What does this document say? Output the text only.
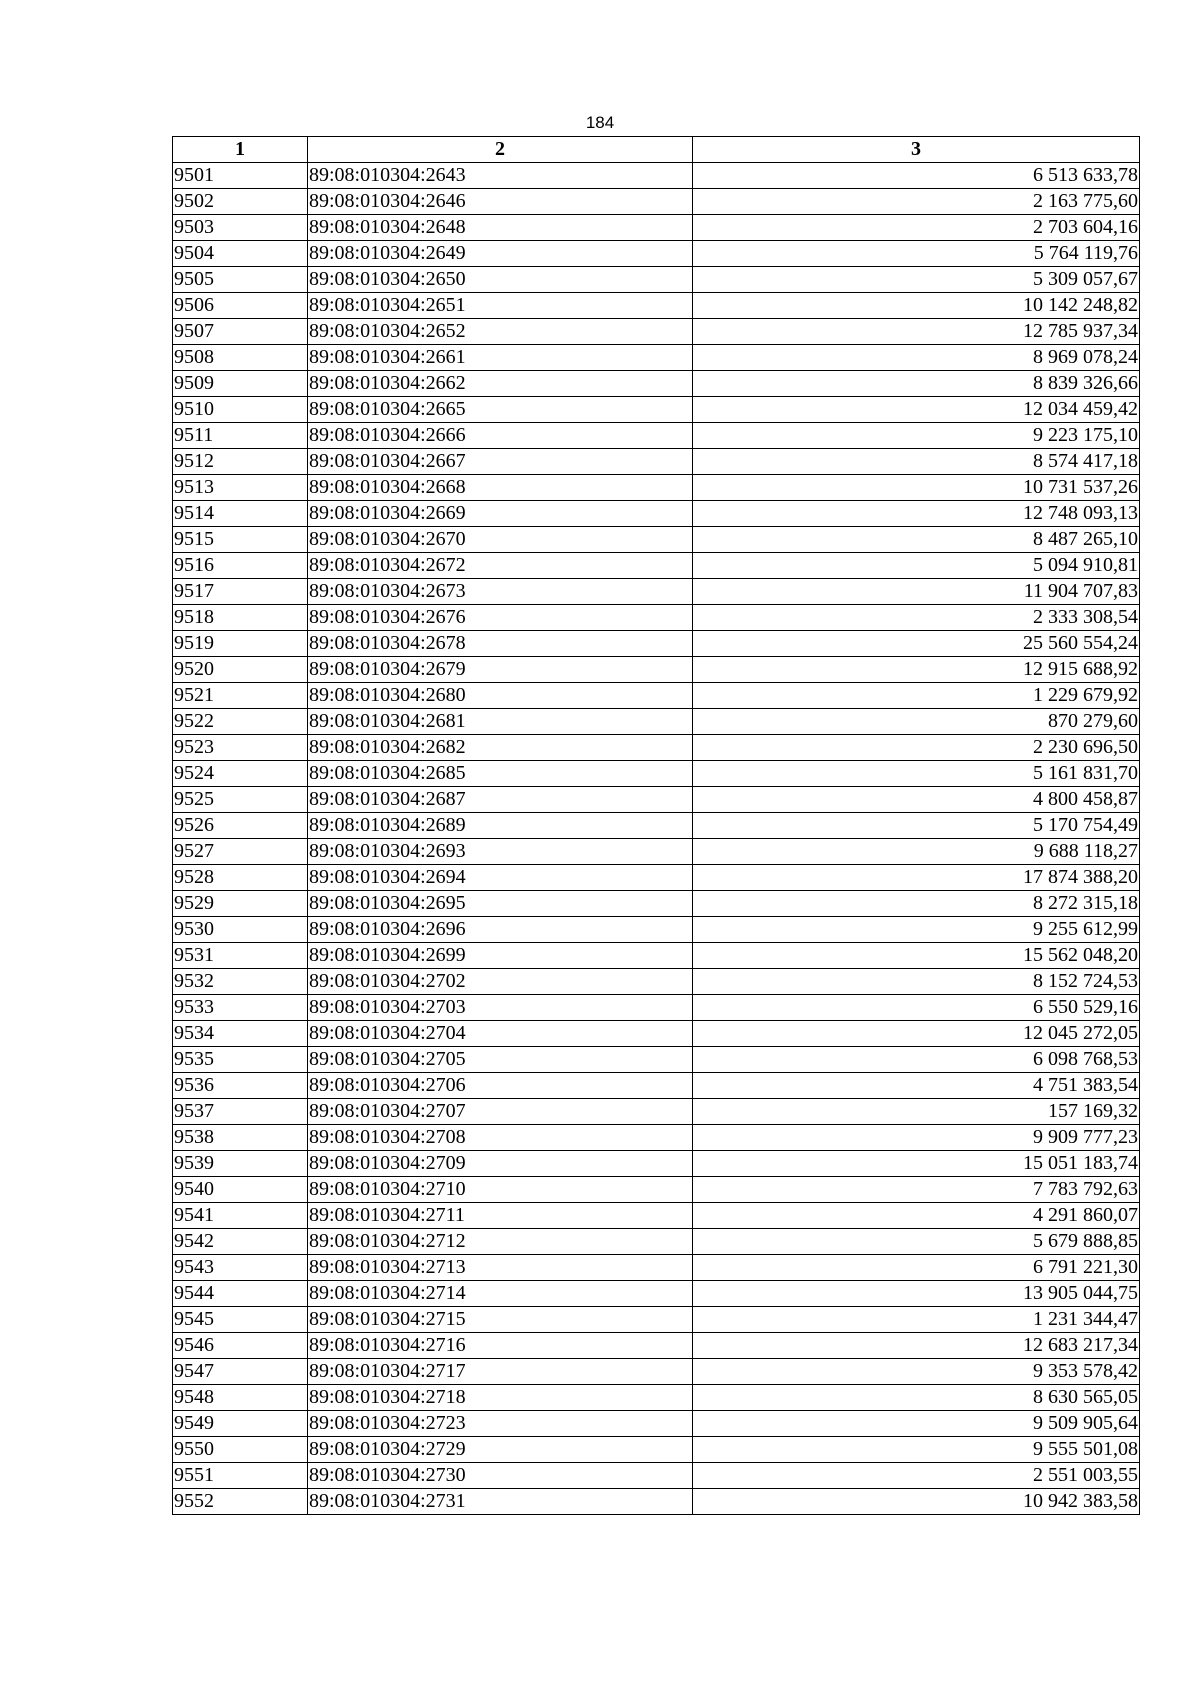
184
1	2	3
9501	89:08:010304:2643	6 513 633,78
9502	89:08:010304:2646	2 163 775,60
9503	89:08:010304:2648	2 703 604,16
9504	89:08:010304:2649	5 764 119,76
9505	89:08:010304:2650	5 309 057,67
9506	89:08:010304:2651	10 142 248,82
9507	89:08:010304:2652	12 785 937,34
9508	89:08:010304:2661	8 969 078,24
9509	89:08:010304:2662	8 839 326,66
9510	89:08:010304:2665	12 034 459,42
9511	89:08:010304:2666	9 223 175,10
9512	89:08:010304:2667	8 574 417,18
9513	89:08:010304:2668	10 731 537,26
9514	89:08:010304:2669	12 748 093,13
9515	89:08:010304:2670	8 487 265,10
9516	89:08:010304:2672	5 094 910,81
9517	89:08:010304:2673	11 904 707,83
9518	89:08:010304:2676	2 333 308,54
9519	89:08:010304:2678	25 560 554,24
9520	89:08:010304:2679	12 915 688,92
9521	89:08:010304:2680	1 229 679,92
9522	89:08:010304:2681	870 279,60
9523	89:08:010304:2682	2 230 696,50
9524	89:08:010304:2685	5 161 831,70
9525	89:08:010304:2687	4 800 458,87
9526	89:08:010304:2689	5 170 754,49
9527	89:08:010304:2693	9 688 118,27
9528	89:08:010304:2694	17 874 388,20
9529	89:08:010304:2695	8 272 315,18
9530	89:08:010304:2696	9 255 612,99
9531	89:08:010304:2699	15 562 048,20
9532	89:08:010304:2702	8 152 724,53
9533	89:08:010304:2703	6 550 529,16
9534	89:08:010304:2704	12 045 272,05
9535	89:08:010304:2705	6 098 768,53
9536	89:08:010304:2706	4 751 383,54
9537	89:08:010304:2707	157 169,32
9538	89:08:010304:2708	9 909 777,23
9539	89:08:010304:2709	15 051 183,74
9540	89:08:010304:2710	7 783 792,63
9541	89:08:010304:2711	4 291 860,07
9542	89:08:010304:2712	5 679 888,85
9543	89:08:010304:2713	6 791 221,30
9544	89:08:010304:2714	13 905 044,75
9545	89:08:010304:2715	1 231 344,47
9546	89:08:010304:2716	12 683 217,34
9547	89:08:010304:2717	9 353 578,42
9548	89:08:010304:2718	8 630 565,05
9549	89:08:010304:2723	9 509 905,64
9550	89:08:010304:2729	9 555 501,08
9551	89:08:010304:2730	2 551 003,55
9552	89:08:010304:2731	10 942 383,58
